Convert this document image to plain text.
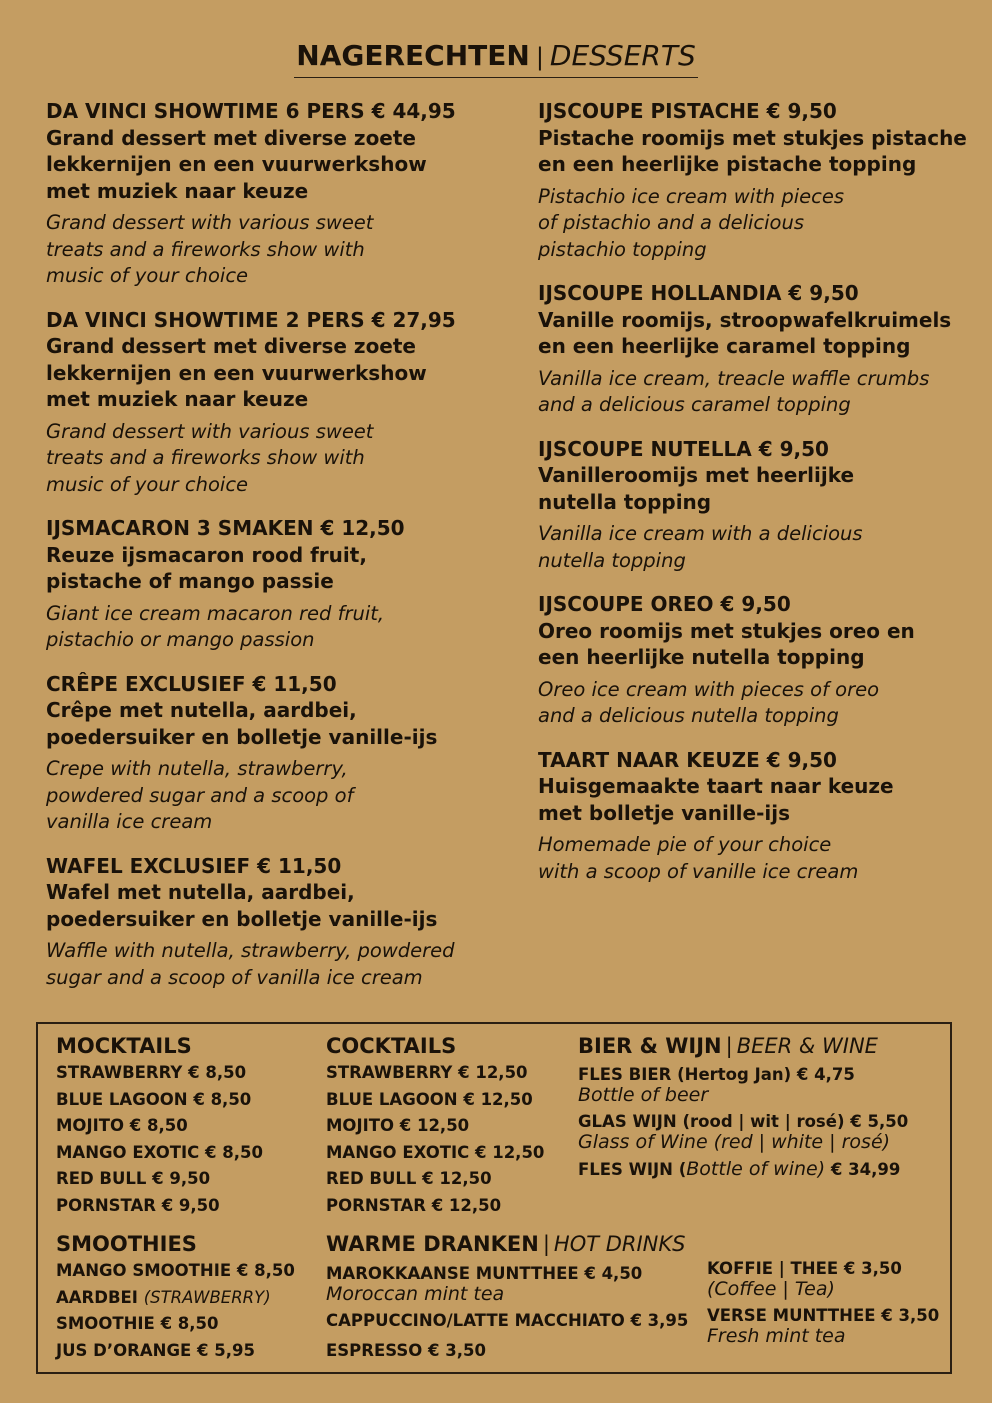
NAGERECHTEN | DESSERTS
DA VINCI SHOWTIME 6 PERS € 44,95
Grand dessert met diverse zoete
lekkernijen en een vuurwerkshow
met muziek naar keuze
Grand dessert with various sweet
treats and a fireworks show with
music of your choice
DA VINCI SHOWTIME 2 PERS € 27,95
Grand dessert met diverse zoete
lekkernijen en een vuurwerkshow
met muziek naar keuze
Grand dessert with various sweet
treats and a fireworks show with
music of your choice
IJSMACARON 3 SMAKEN € 12,50
Reuze ijsmacaron rood fruit,
pistache of mango passie
Giant ice cream macaron red fruit,
pistachio or mango passion
CRÊPE EXCLUSIEF € 11,50
Crêpe met nutella, aardbei,
poedersuiker en bolletje vanille-ijs
Crepe with nutella, strawberry,
powdered sugar and a scoop of
vanilla ice cream
WAFEL EXCLUSIEF € 11,50
Wafel met nutella, aardbei,
poedersuiker en bolletje vanille-ijs
Waffle with nutella, strawberry, powdered
sugar and a scoop of vanilla ice cream
IJSCOUPE PISTACHE € 9,50
Pistache roomijs met stukjes pistache
en een heerlijke pistache topping
Pistachio ice cream with pieces
of pistachio and a delicious
pistachio topping
IJSCOUPE HOLLANDIA € 9,50
Vanille roomijs, stroopwafelkruimels
en een heerlijke caramel topping
Vanilla ice cream, treacle waffle crumbs
and a delicious caramel topping
IJSCOUPE NUTELLA € 9,50
Vanilleroomijs met heerlijke
nutella topping
Vanilla ice cream with a delicious
nutella topping
IJSCOUPE OREO € 9,50
Oreo roomijs met stukjes oreo en
een heerlijke nutella topping
Oreo ice cream with pieces of oreo
and a delicious nutella topping
TAART NAAR KEUZE € 9,50
Huisgemaakte taart naar keuze
met bolletje vanille-ijs
Homemade pie of your choice
with a scoop of vanille ice cream
MOCKTAILS
STRAWBERRY € 8,50
BLUE LAGOON € 8,50
MOJITO € 8,50
MANGO EXOTIC € 8,50
RED BULL € 9,50
PORNSTAR € 9,50
COCKTAILS
STRAWBERRY € 12,50
BLUE LAGOON € 12,50
MOJITO € 12,50
MANGO EXOTIC € 12,50
RED BULL € 12,50
PORNSTAR € 12,50
BIER & WIJN | BEER & WINE
FLES BIER (Hertog Jan) € 4,75
Bottle of beer
GLAS WIJN (rood | wit | rosé) € 5,50
Glass of Wine (red | white | rosé)
FLES WIJN (Bottle of wine) € 34,99
SMOOTHIES
MANGO SMOOTHIE € 8,50
AARDBEI (STRAWBERRY)
SMOOTHIE € 8,50
JUS D’ORANGE € 5,95
WARME DRANKEN | HOT DRINKS
MAROKKAANSE MUNTTHEE € 4,50
Moroccan mint tea
CAPPUCCINO/LATTE MACCHIATO € 3,95
ESPRESSO € 3,50
KOFFIE | THEE € 3,50
(Coffee | Tea)
VERSE MUNTTHEE € 3,50
Fresh mint tea
